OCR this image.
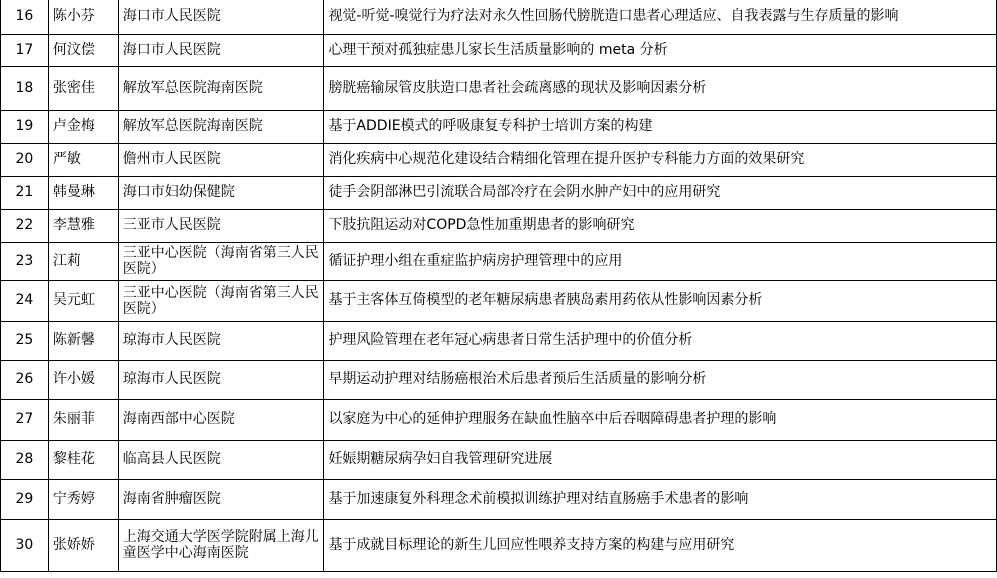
16	陈小芬	海口市人民医院	视觉-听觉-嗅觉行为疗法对永久性回肠代膀胱造口患者心理适应、自我表露与生存质量的影响
17	何汶偿	海口市人民医院	心理干预对孤独症患儿家长生活质量影响的 meta 分析
18	张密佳	解放军总医院海南医院	膀胱癌输尿管皮肤造口患者社会疏离感的现状及影响因素分析
19	卢金梅	解放军总医院海南医院	基于ADDIE模式的呼吸康复专科护士培训方案的构建
20	严敏	儋州市人民医院	消化疾病中心规范化建设结合精细化管理在提升医护专科能力方面的效果研究
21	韩曼琳	海口市妇幼保健院	徒手会阴部淋巴引流联合局部冷疗在会阴水肿产妇中的应用研究
22	李慧雅	三亚市人民医院	下肢抗阻运动对COPD急性加重期患者的影响研究
23	江莉	三亚中心医院（海南省第三人民医院）	循证护理小组在重症监护病房护理管理中的应用
24	吴元虹	三亚中心医院（海南省第三人民医院）	基于主客体互倚模型的老年糖尿病患者胰岛素用药依从性影响因素分析
25	陈新馨	琼海市人民医院	护理风险管理在老年冠心病患者日常生活护理中的价值分析
26	许小媛	琼海市人民医院	早期运动护理对结肠癌根治术后患者预后生活质量的影响分析
27	朱丽菲	海南西部中心医院	以家庭为中心的延伸护理服务在缺血性脑卒中后吞咽障碍患者护理的影响
28	黎桂花	临高县人民医院	妊娠期糖尿病孕妇自我管理研究进展
29	宁秀婷	海南省肿瘤医院	基于加速康复外科理念术前模拟训练护理对结直肠癌手术患者的影响
30	张娇娇	上海交通大学医学院附属上海儿童医学中心海南医院	基于成就目标理论的新生儿回应性喂养支持方案的构建与应用研究
